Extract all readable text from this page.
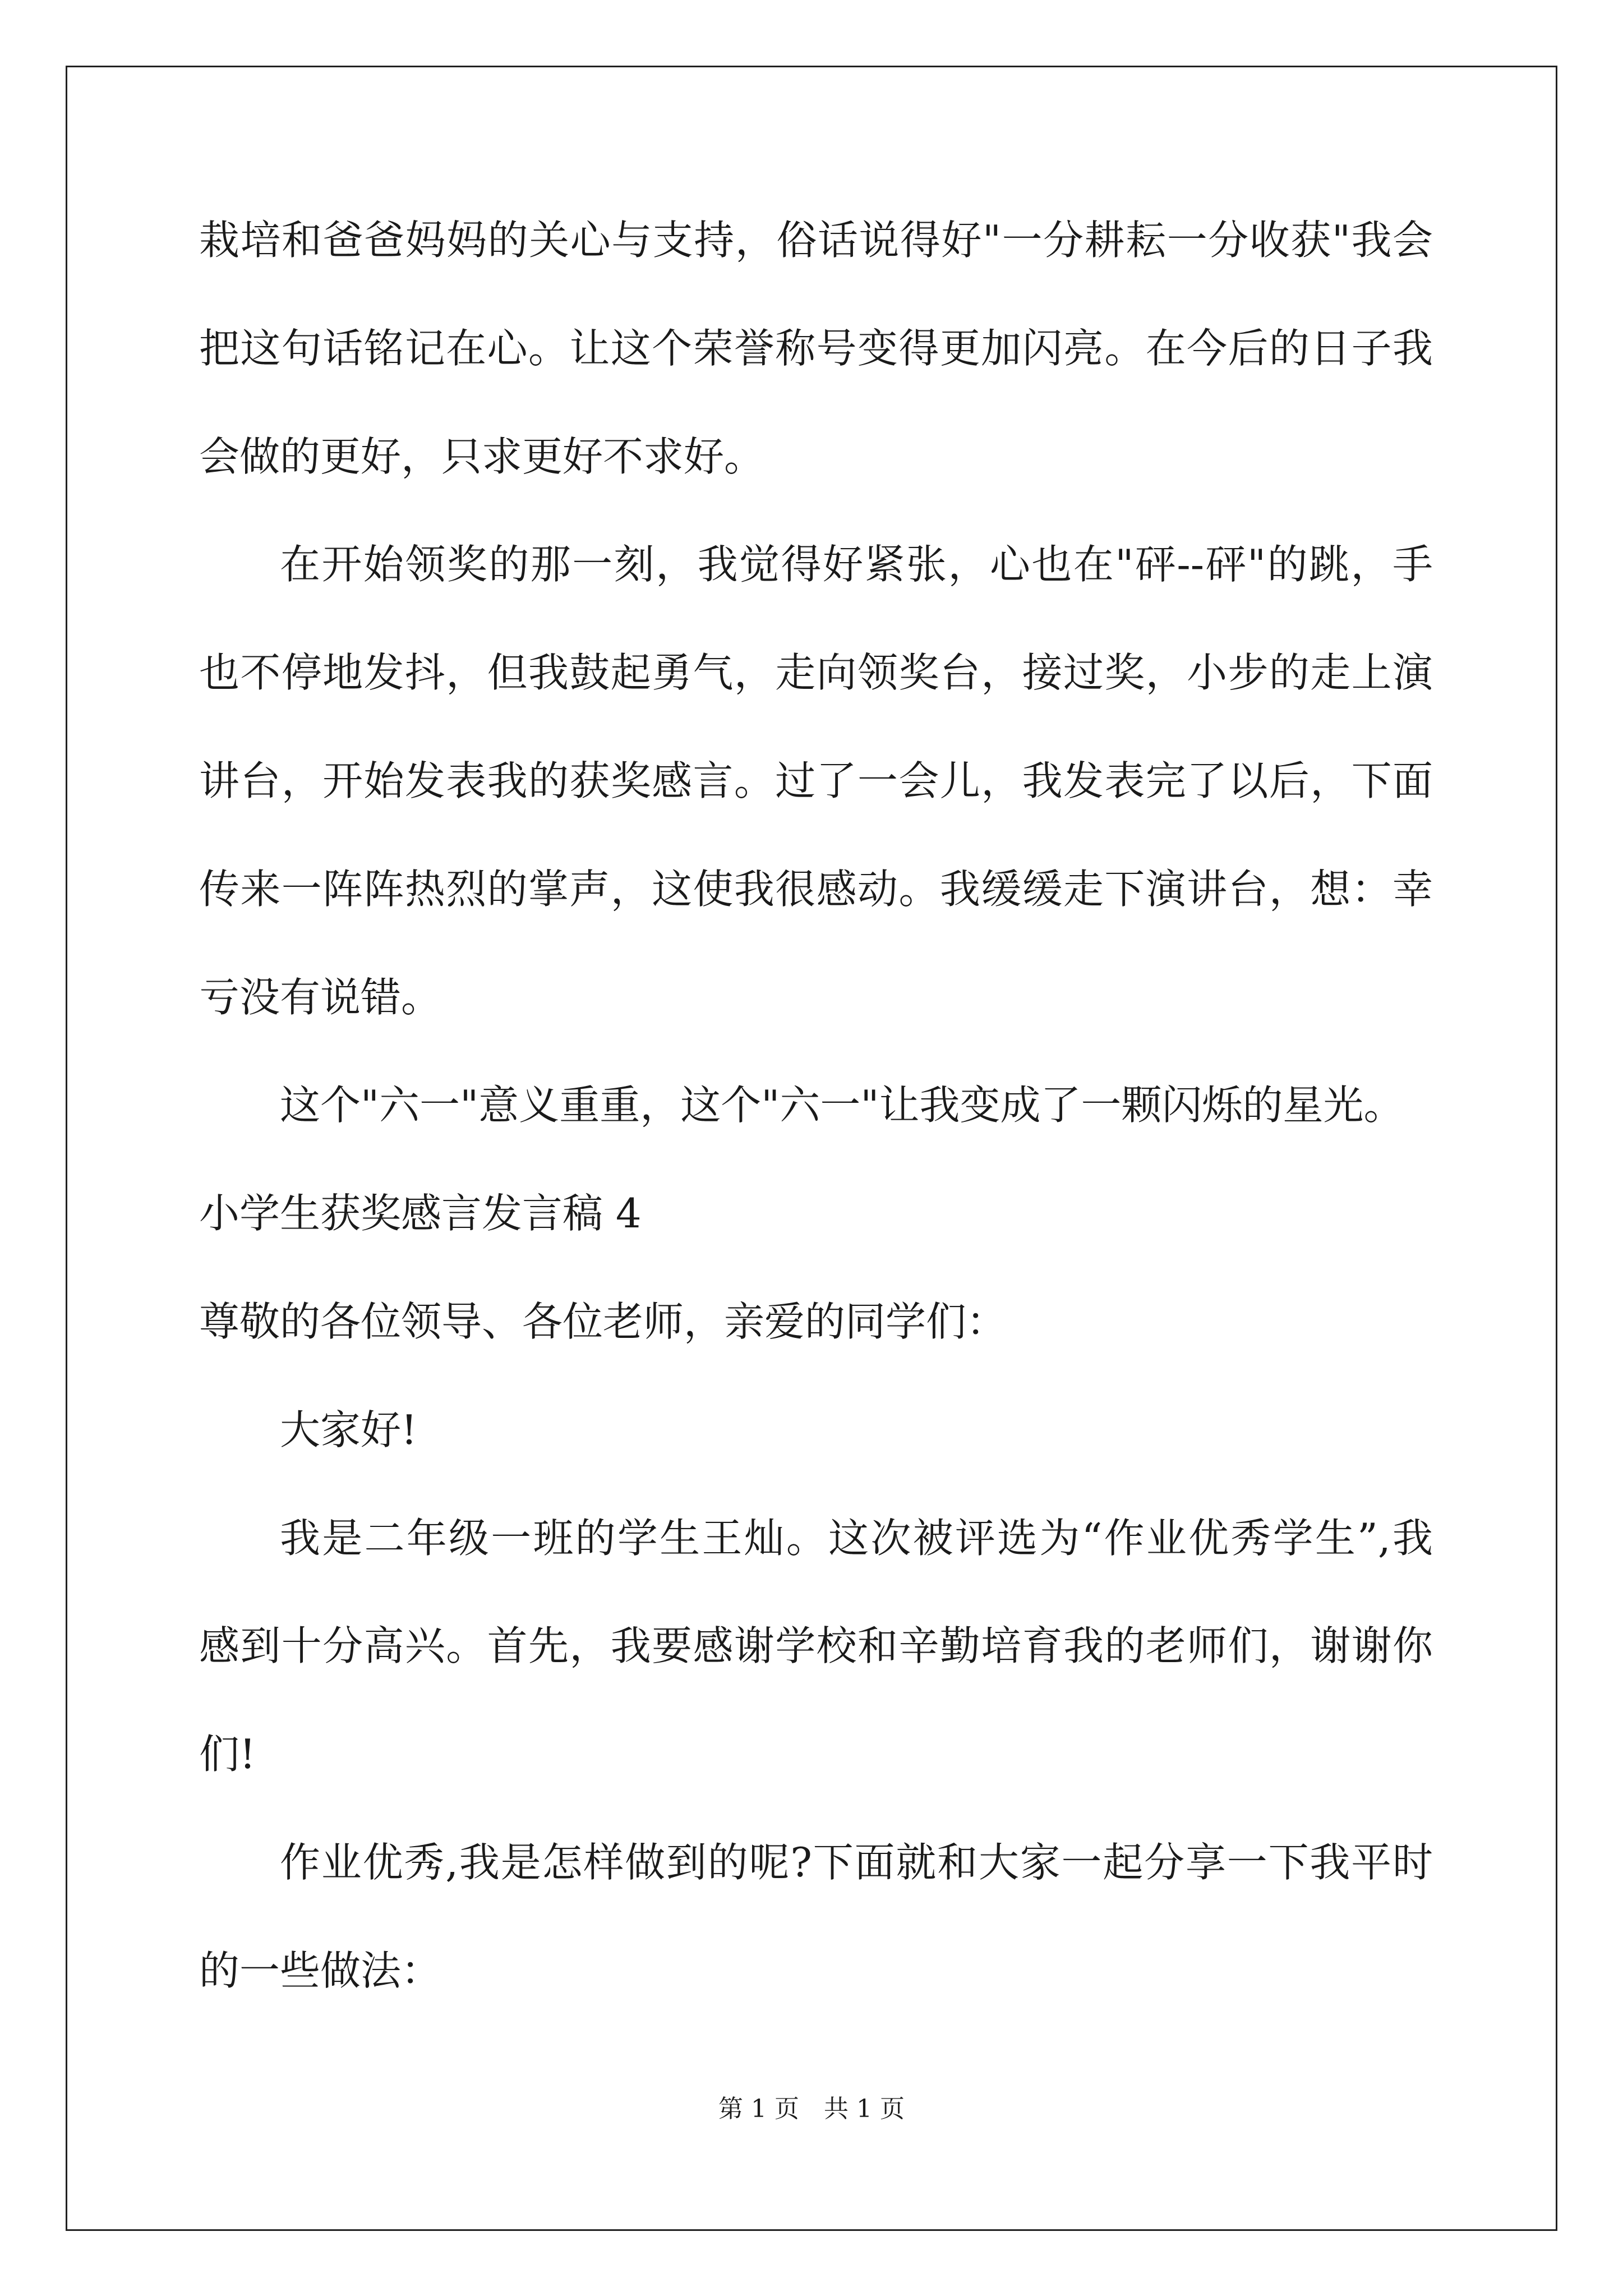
栽培和爸爸妈妈的关心与支持，俗话说得好"一分耕耘一分收获"我会
把这句话铭记在心。让这个荣誉称号变得更加闪亮。在今后的日子我
会做的更好，只求更好不求好。
在开始领奖的那一刻，我觉得好紧张，心也在"砰--砰"的跳，手
也不停地发抖，但我鼓起勇气，走向领奖台，接过奖，小步的走上演
讲台，开始发表我的获奖感言。过了一会儿，我发表完了以后，下面
传来一阵阵热烈的掌声，这使我很感动。我缓缓走下演讲台，想：幸
亏没有说错。
这个"六一"意义重重，这个"六一"让我变成了一颗闪烁的星光。
小学生获奖感言发言稿 4
尊敬的各位领导、各位老师，亲爱的同学们：
大家好!
我是二年级一班的学生王灿。这次被评选为“作业优秀学生”,我
感到十分高兴。首先，我要感谢学校和辛勤培育我的老师们，谢谢你
们!
作业优秀,我是怎样做到的呢?下面就和大家一起分享一下我平时
的一些做法：
第 1 页　共 1 页
